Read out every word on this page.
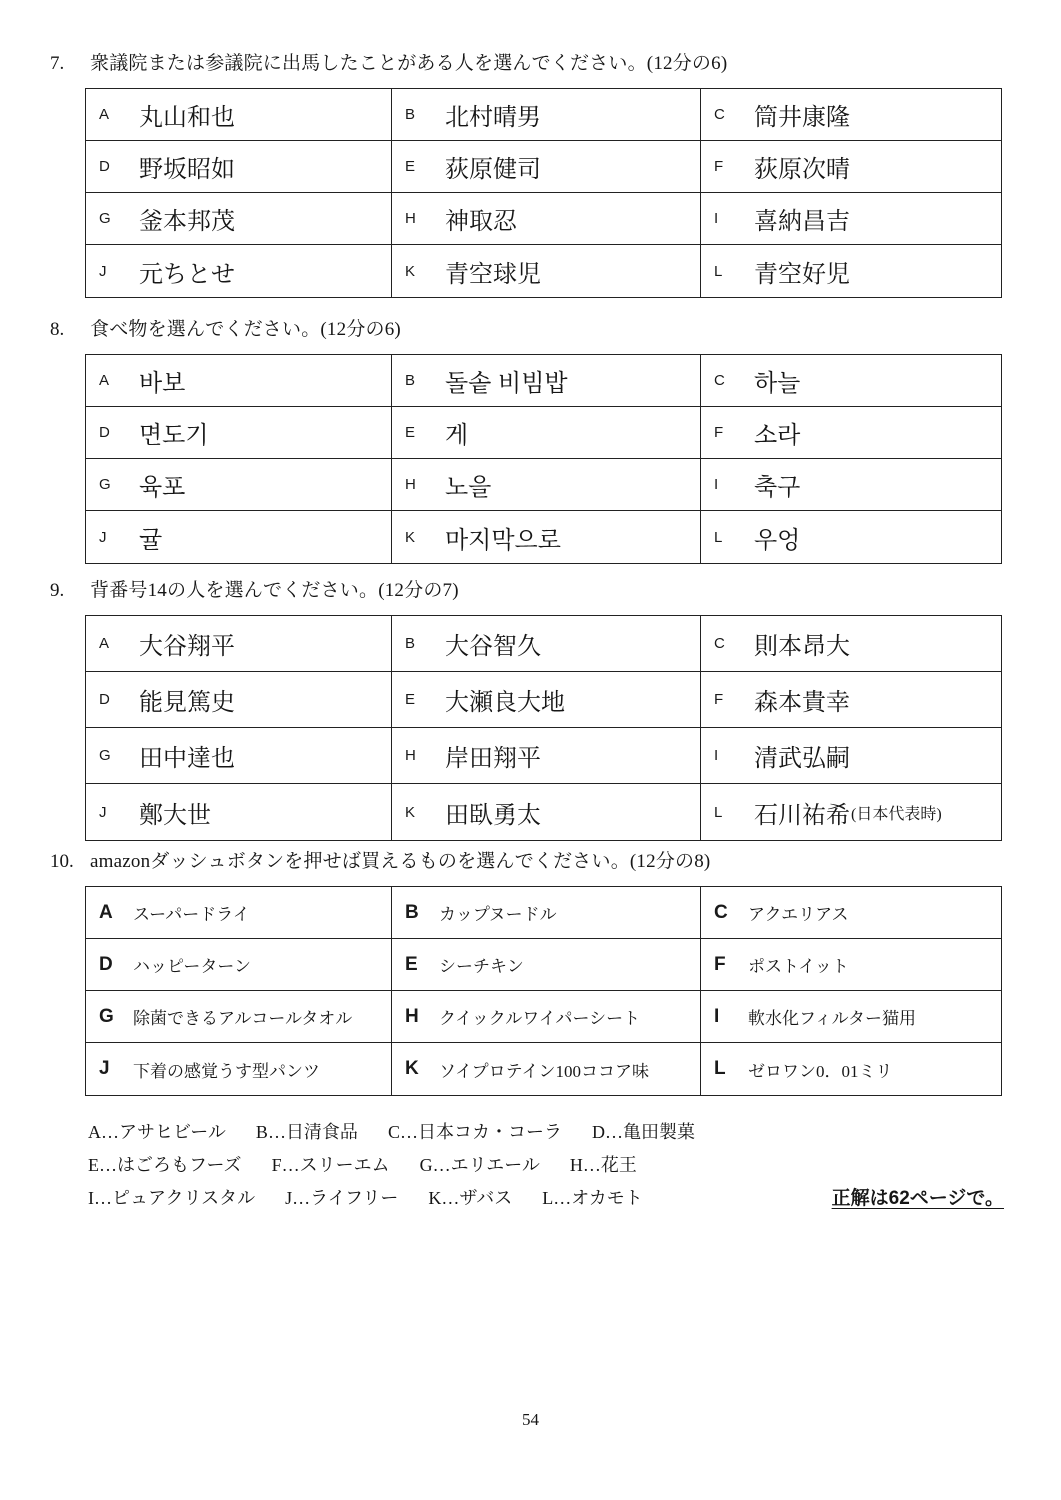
7.	衆議院または参議院に出馬したことがある人を選んでください。(12分の6)
A	丸山和也	B	北村晴男	C	筒井康隆
D	野坂昭如	E	荻原健司	F	荻原次晴
G	釜本邦茂	H	神取忍	I	喜納昌吉
J	元ちとせ	K	青空球児	L	青空好児
8.	食べ物を選んでください。(12分の6)
A	바보	B	돌솥 비빔밥	C	하늘
D	면도기	E	게	F	소라
G	육포	H	노을	I	축구
J	귤	K	마지막으로	L	우엉
9.	背番号14の人を選んでください。(12分の7)
A	大谷翔平	B	大谷智久	C	則本昂大
D	能見篤史	E	大瀬良大地	F	森本貴幸
G	田中達也	H	岸田翔平	I	清武弘嗣
J	鄭大世	K	田臥勇太	L	石川祐希 (日本代表時)
10. amazonダッシュボタンを押せば買えるものを選んでください。(12分の8)
A	スーパードライ	B	カップヌードル	C	アクエリアス
D	ハッピーターン	E	シーチキン	F	ポストイット
G	除菌できるアルコールタオル	H	クイックルワイパーシート	I	軟水化フィルター猫用
J	下着の感覚うす型パンツ	K	ソイプロテイン100ココア味	L	ゼロワン0．01ミリ
A…アサヒビール B…日清食品 C…日本コカ・コーラ D…亀田製菓
E…はごろもフーズ F…スリーエム G…エリエール H…花王
I…ピュアクリスタル J…ライフリー K…ザバス L…オカモト	正解は62ページで。
54
